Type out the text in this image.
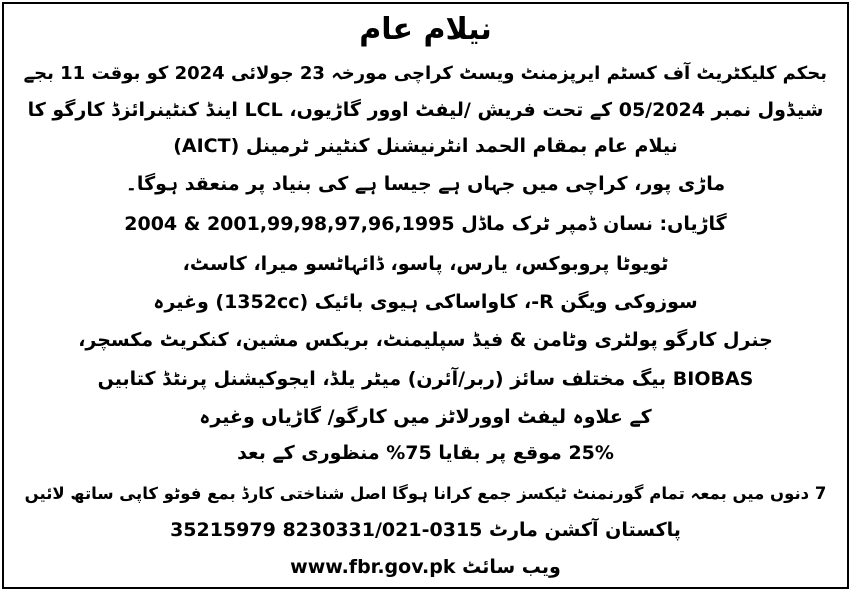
نیلام عام
بحکم کلیکٹریٹ آف کسٹم ایرپزمنٹ ویسٹ کراچی مورخہ 23 جولائی 2024 کو بوقت 11 بجے
شیڈول نمبر 05/2024 کے تحت فریش /لیفٹ اوور گاڑیوں، LCL اینڈ کنٹینرائزڈ کارگو کا
نیلام عام بمقام الحمد انٹرنیشنل کنٹینر ٹرمینل (AICT)
ماڑی پور، کراچی میں جہاں ہے جیسا ہے کی بنیاد پر منعقد ہوگا۔
گاڑیاں: نسان ڈمپر ٹرک ماڈل 2001,99,98,97,96,1995 & 2004
ٹویوٹا پروبوکس، یارس، پاسو، ڈائہاٹسو میرا، کاسٹ،
سوزوکی ویگن R-، کاواساکی ہیوی بائیک (1352cc) وغیرہ
جنرل کارگو پولٹری وٹامن & فیڈ سپلیمنٹ، بریکس مشین، کنکریٹ مکسچر،
BIOBAS بیگ مختلف سائز (ربر/آئرن) میٹر یلڈ، ایجوکیشنل پرنٹڈ کتابیں
کے علاوہ لیفٹ اوورلاٹز میں کارگو/ گاڑیاں وغیرہ
25% موقع پر بقایا 75% منظوری کے بعد
7 دنوں میں بمعہ تمام گورنمنٹ ٹیکسز جمع کرانا ہوگا اصل شناختی کارڈ بمع فوٹو کاپی ساتھ لائیں
پاکستان آکشن مارٹ 0315-8230331/021 35215979
ویب سائٹ www.fbr.gov.pk
